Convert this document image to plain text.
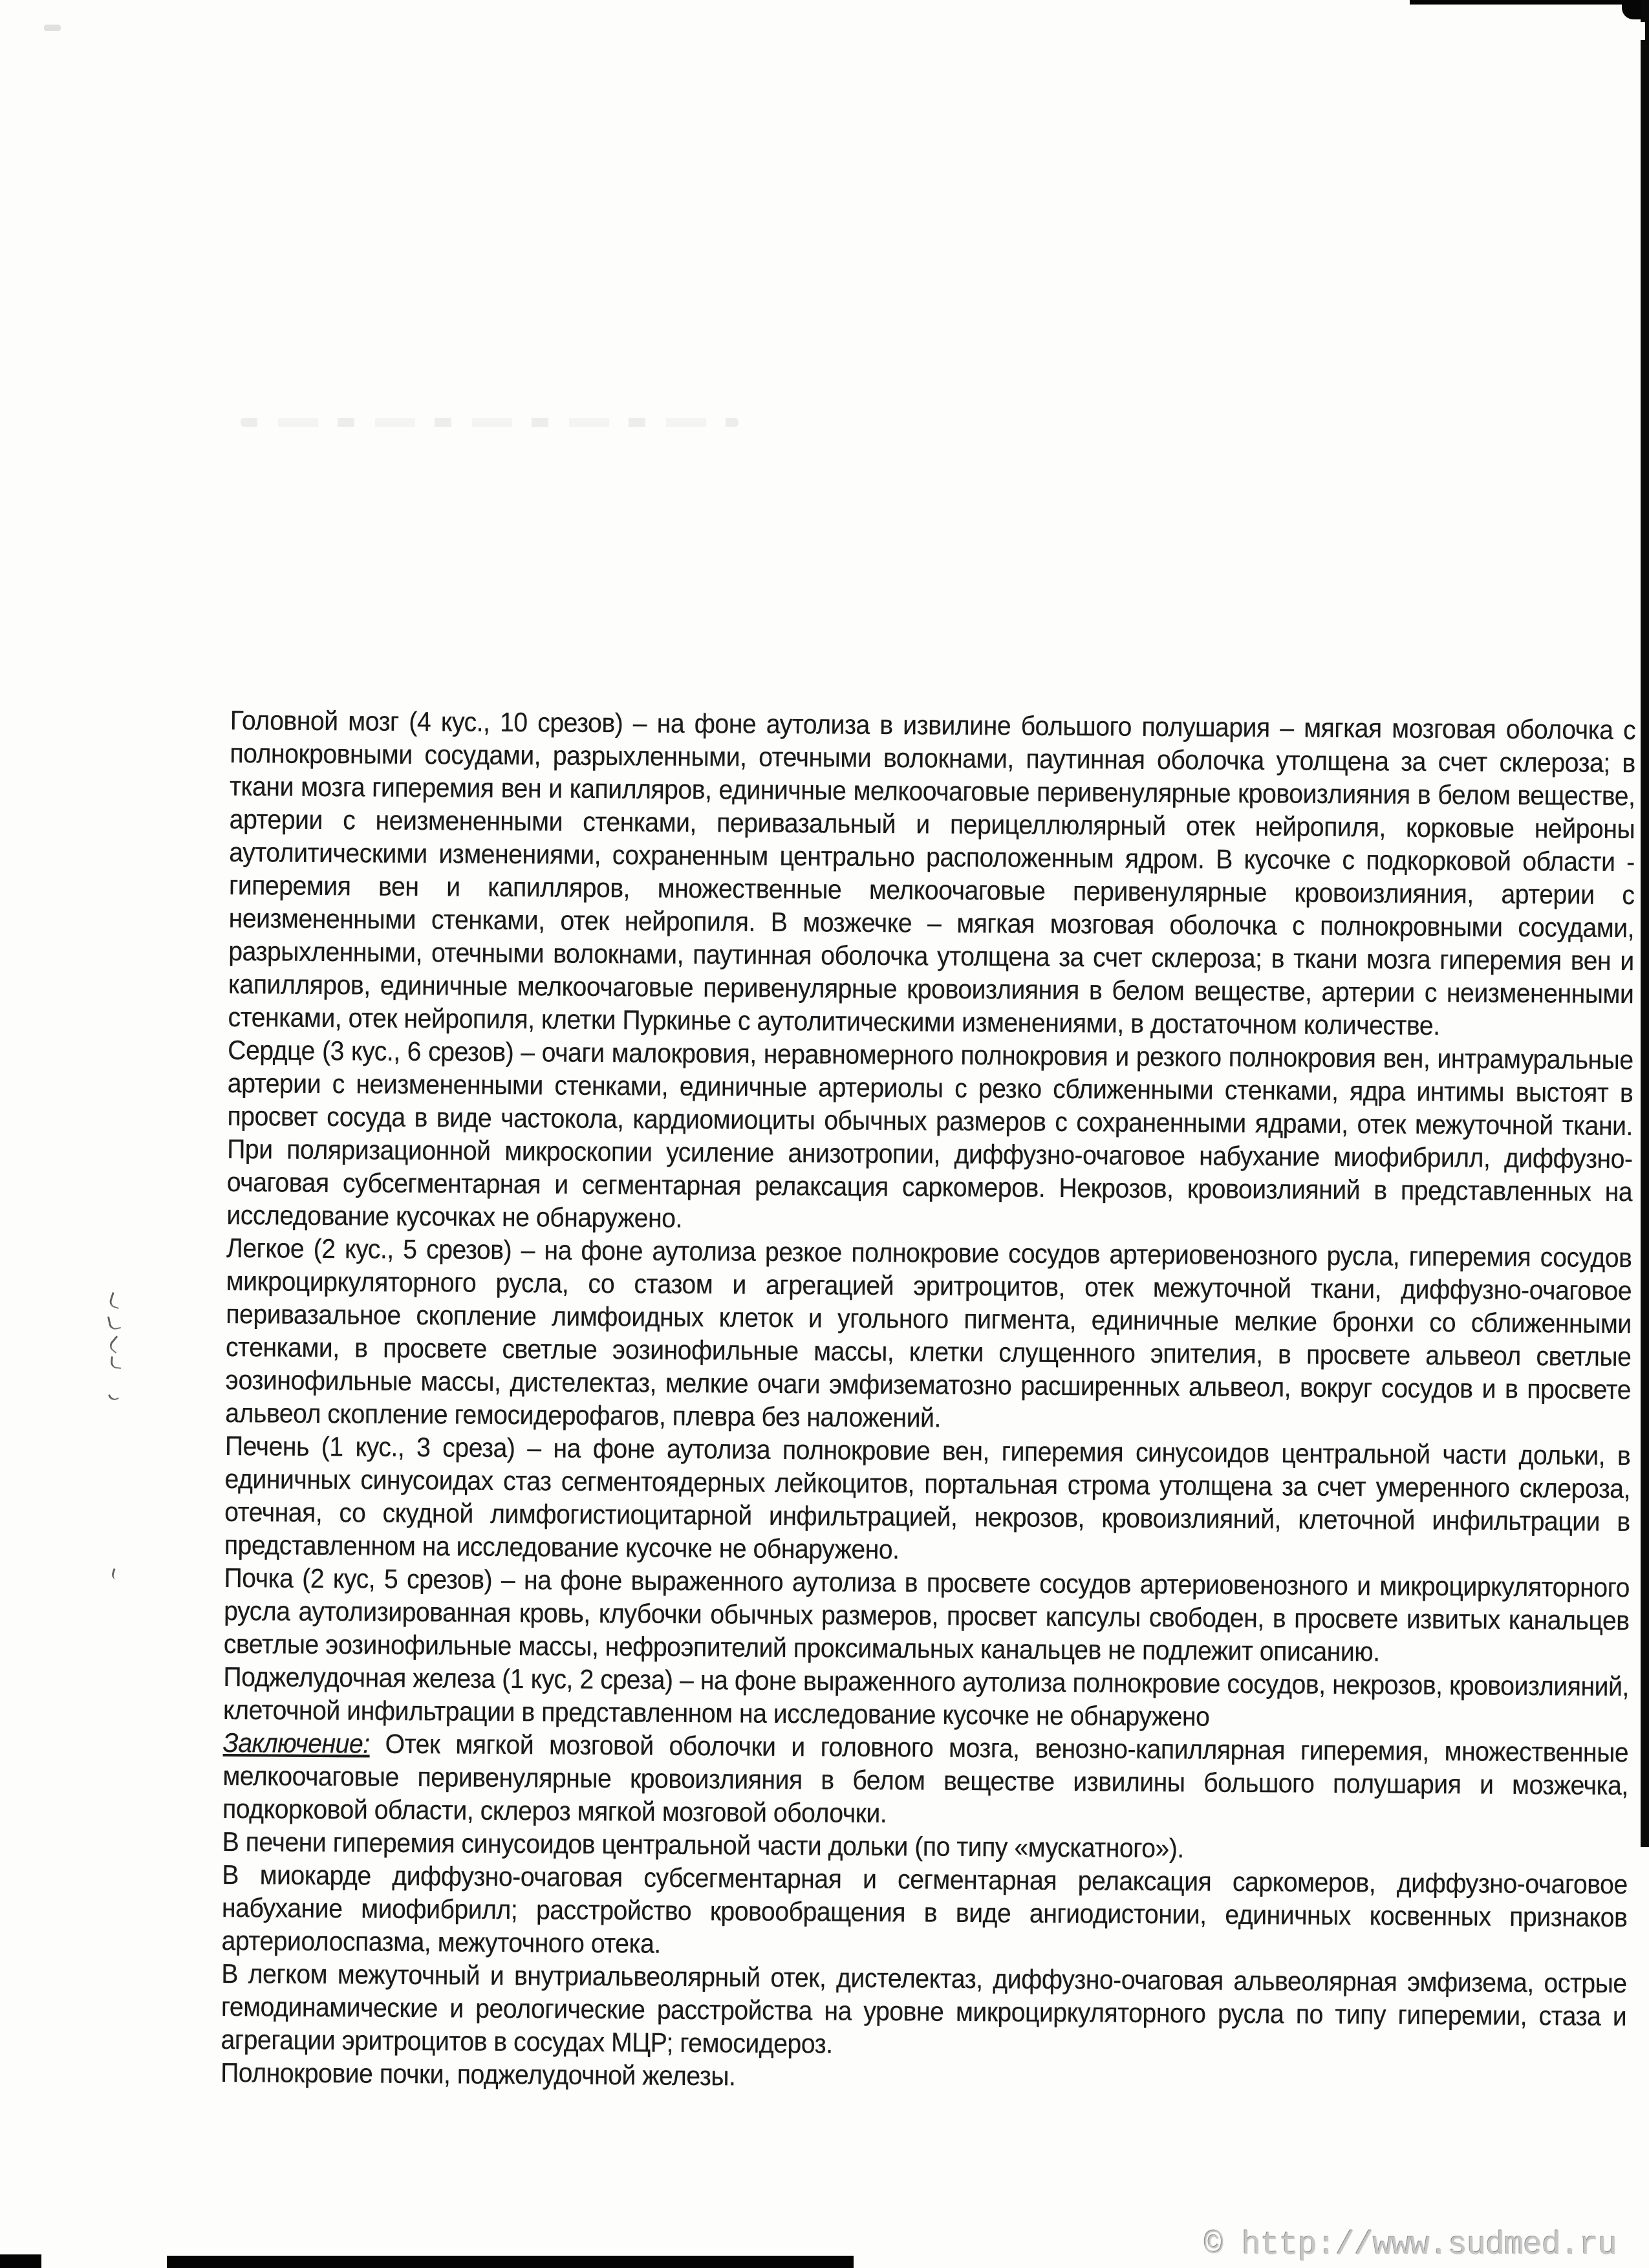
Головной мозг (4 кус., 10 срезов) – на фоне аутолиза в извилине большого полушария – мягкая мозговая оболочка с полнокровными сосудами, разрыхленными, отечными волокнами, паутинная оболочка утолщена за счет склероза; в ткани мозга гиперемия вен и капилляров, единичные мелкоочаговые перивенулярные кровоизлияния в белом веществе, артерии с неизмененными стенками, перивазальный и перицеллюлярный отек нейропиля, корковые нейроны аутолитическими изменениями, сохраненным центрально расположенным ядром. В кусочке с подкорковой области - гиперемия вен и капилляров, множественные мелкоочаговые перивенулярные кровоизлияния, артерии с неизмененными стенками, отек нейропиля. В мозжечке – мягкая мозговая оболочка с полнокровными сосудами, разрыхленными, отечными волокнами, паутинная оболочка утолщена за счет склероза; в ткани мозга гиперемия вен и капилляров, единичные мелкоочаговые перивенулярные кровоизлияния в белом веществе, артерии с неизмененными стенками, отек нейропиля, клетки Пуркинье с аутолитическими изменениями, в достаточном количестве.

Сердце (3 кус., 6 срезов) – очаги малокровия, неравномерного полнокровия и резкого полнокровия вен, интрамуральные артерии с неизмененными стенками, единичные артериолы с резко сближенными стенками, ядра интимы выстоят в просвет сосуда в виде частокола, кардиомиоциты обычных размеров с сохраненными ядрами, отек межуточной ткани. При поляризационной микроскопии усиление анизотропии, диффузно-очаговое набухание миофибрилл, диффузно-очаговая субсегментарная и сегментарная релаксация саркомеров. Некрозов, кровоизлияний в представленных на исследование кусочках не обнаружено.

Легкое (2 кус., 5 срезов) – на фоне аутолиза резкое полнокровие сосудов артериовенозного русла, гиперемия сосудов микроциркуляторного русла, со стазом и агрегацией эритроцитов, отек межуточной ткани, диффузно-очаговое перивазальное скопление лимфоидных клеток и угольного пигмента, единичные мелкие бронхи со сближенными стенками, в просвете светлые эозинофильные массы, клетки слущенного эпителия, в просвете альвеол светлые эозинофильные массы, дистелектаз, мелкие очаги эмфизематозно расширенных альвеол, вокруг сосудов и в просвете альвеол скопление гемосидерофагов, плевра без наложений.

Печень (1 кус., 3 среза) – на фоне аутолиза полнокровие вен, гиперемия синусоидов центральной части дольки, в единичных синусоидах стаз сегментоядерных лейкоцитов, портальная строма утолщена за счет умеренного склероза, отечная, со скудной лимфогистиоцитарной инфильтрацией, некрозов, кровоизлияний, клеточной инфильтрации в представленном на исследование кусочке не обнаружено.

Почка (2 кус, 5 срезов) – на фоне выраженного аутолиза в просвете сосудов артериовенозного и микроциркуляторного русла аутолизированная кровь, клубочки обычных размеров, просвет капсулы свободен, в просвете извитых канальцев светлые эозинофильные массы, нефроэпителий проксимальных канальцев не подлежит описанию.

Поджелудочная железа (1 кус, 2 среза) – на фоне выраженного аутолиза полнокровие сосудов, некрозов, кровоизлияний, клеточной инфильтрации в представленном на исследование кусочке не обнаружено

Заключение: Отек мягкой мозговой оболочки и головного мозга, венозно-капиллярная гиперемия, множественные мелкоочаговые перивенулярные кровоизлияния в белом веществе извилины большого полушария и мозжечка, подкорковой области, склероз мягкой мозговой оболочки.

В печени гиперемия синусоидов центральной части дольки (по типу «мускатного»).

В миокарде диффузно-очаговая субсегментарная и сегментарная релаксация саркомеров, диффузно-очаговое набухание миофибрилл; расстройство кровообращения в виде ангиодистонии, единичных косвенных признаков артериолоспазма, межуточного отека.

В легком межуточный и внутриальвеолярный отек, дистелектаз, диффузно-очаговая альвеолярная эмфизема, острые гемодинамические и реологические расстройства на уровне микроциркуляторного русла по типу гиперемии, стаза и агрегации эритроцитов в сосудах МЦР; гемосидероз.

Полнокровие почки, поджелудочной железы.

© http://www.sudmed.ru
